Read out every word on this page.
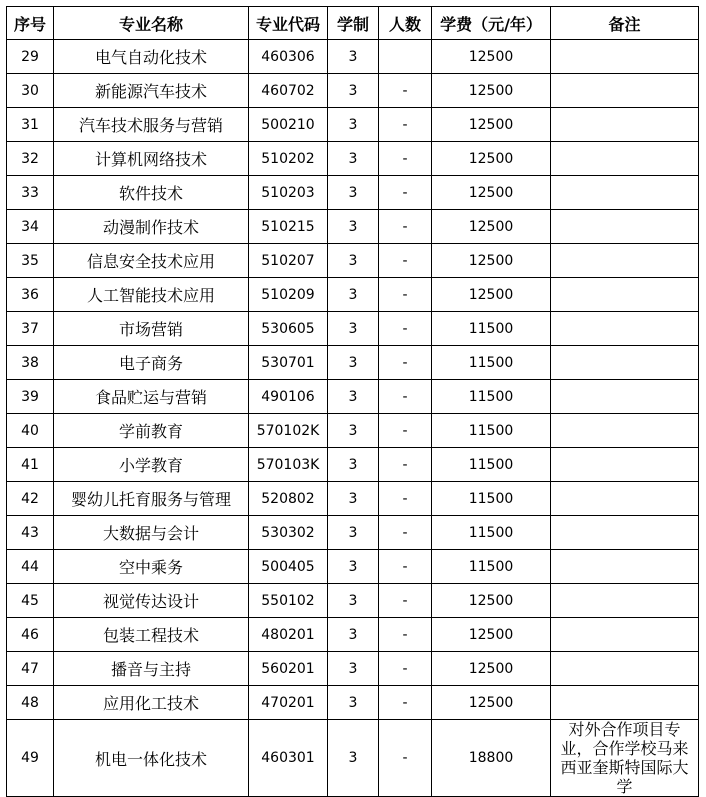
序号	专业名称	专业代码	学制	人数	学费（元/年）	备注
29	电气自动化技术	460306	3		12500	
30	新能源汽车技术	460702	3	-	12500	
31	汽车技术服务与营销	500210	3	-	12500	
32	计算机网络技术	510202	3	-	12500	
33	软件技术	510203	3	-	12500	
34	动漫制作技术	510215	3	-	12500	
35	信息安全技术应用	510207	3	-	12500	
36	人工智能技术应用	510209	3	-	12500	
37	市场营销	530605	3	-	11500	
38	电子商务	530701	3	-	11500	
39	食品贮运与营销	490106	3	-	11500	
40	学前教育	570102K	3	-	11500	
41	小学教育	570103K	3	-	11500	
42	婴幼儿托育服务与管理	520802	3	-	11500	
43	大数据与会计	530302	3	-	11500	
44	空中乘务	500405	3	-	11500	
45	视觉传达设计	550102	3	-	12500	
46	包装工程技术	480201	3	-	12500	
47	播音与主持	560201	3	-	12500	
48	应用化工技术	470201	3	-	12500	
49	机电一体化技术	460301	3	-	18800	对外合作项目专业，合作学校马来西亚奎斯特国际大学
